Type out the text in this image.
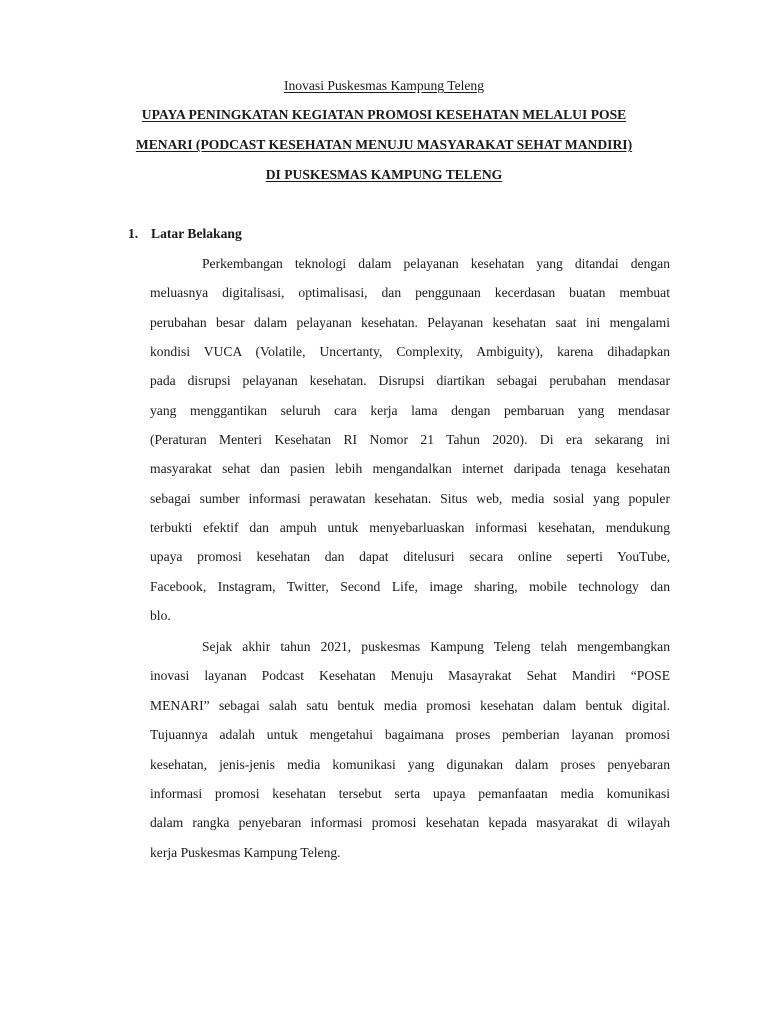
Inovasi Puskesmas Kampung Teleng
UPAYA PENINGKATAN KEGIATAN PROMOSI KESEHATAN MELALUI POSE
MENARI (PODCAST KESEHATAN MENUJU MASYARAKAT SEHAT MANDIRI)
DI PUSKESMAS KAMPUNG TELENG
1. Latar Belakang
Perkembangan teknologi dalam pelayanan kesehatan yang ditandai dengan
meluasnya digitalisasi, optimalisasi, dan penggunaan kecerdasan buatan membuat
perubahan besar dalam pelayanan kesehatan. Pelayanan kesehatan saat ini mengalami
kondisi VUCA (Volatile, Uncertanty, Complexity, Ambiguity), karena dihadapkan
pada disrupsi pelayanan kesehatan. Disrupsi diartikan sebagai perubahan mendasar
yang menggantikan seluruh cara kerja lama dengan pembaruan yang mendasar
(Peraturan Menteri Kesehatan RI Nomor 21 Tahun 2020). Di era sekarang ini
masyarakat sehat dan pasien lebih mengandalkan internet daripada tenaga kesehatan
sebagai sumber informasi perawatan kesehatan. Situs web, media sosial yang populer
terbukti efektif dan ampuh untuk menyebarluaskan informasi kesehatan, mendukung
upaya promosi kesehatan dan dapat ditelusuri secara online seperti YouTube,
Facebook, Instagram, Twitter, Second Life, image sharing, mobile technology dan
blo.
Sejak akhir tahun 2021, puskesmas Kampung Teleng telah mengembangkan
inovasi layanan Podcast Kesehatan Menuju Masayrakat Sehat Mandiri “POSE
MENARI” sebagai salah satu bentuk media promosi kesehatan dalam bentuk digital.
Tujuannya adalah untuk mengetahui bagaimana proses pemberian layanan promosi
kesehatan, jenis-jenis media komunikasi yang digunakan dalam proses penyebaran
informasi promosi kesehatan tersebut serta upaya pemanfaatan media komunikasi
dalam rangka penyebaran informasi promosi kesehatan kepada masyarakat di wilayah
kerja Puskesmas Kampung Teleng.
